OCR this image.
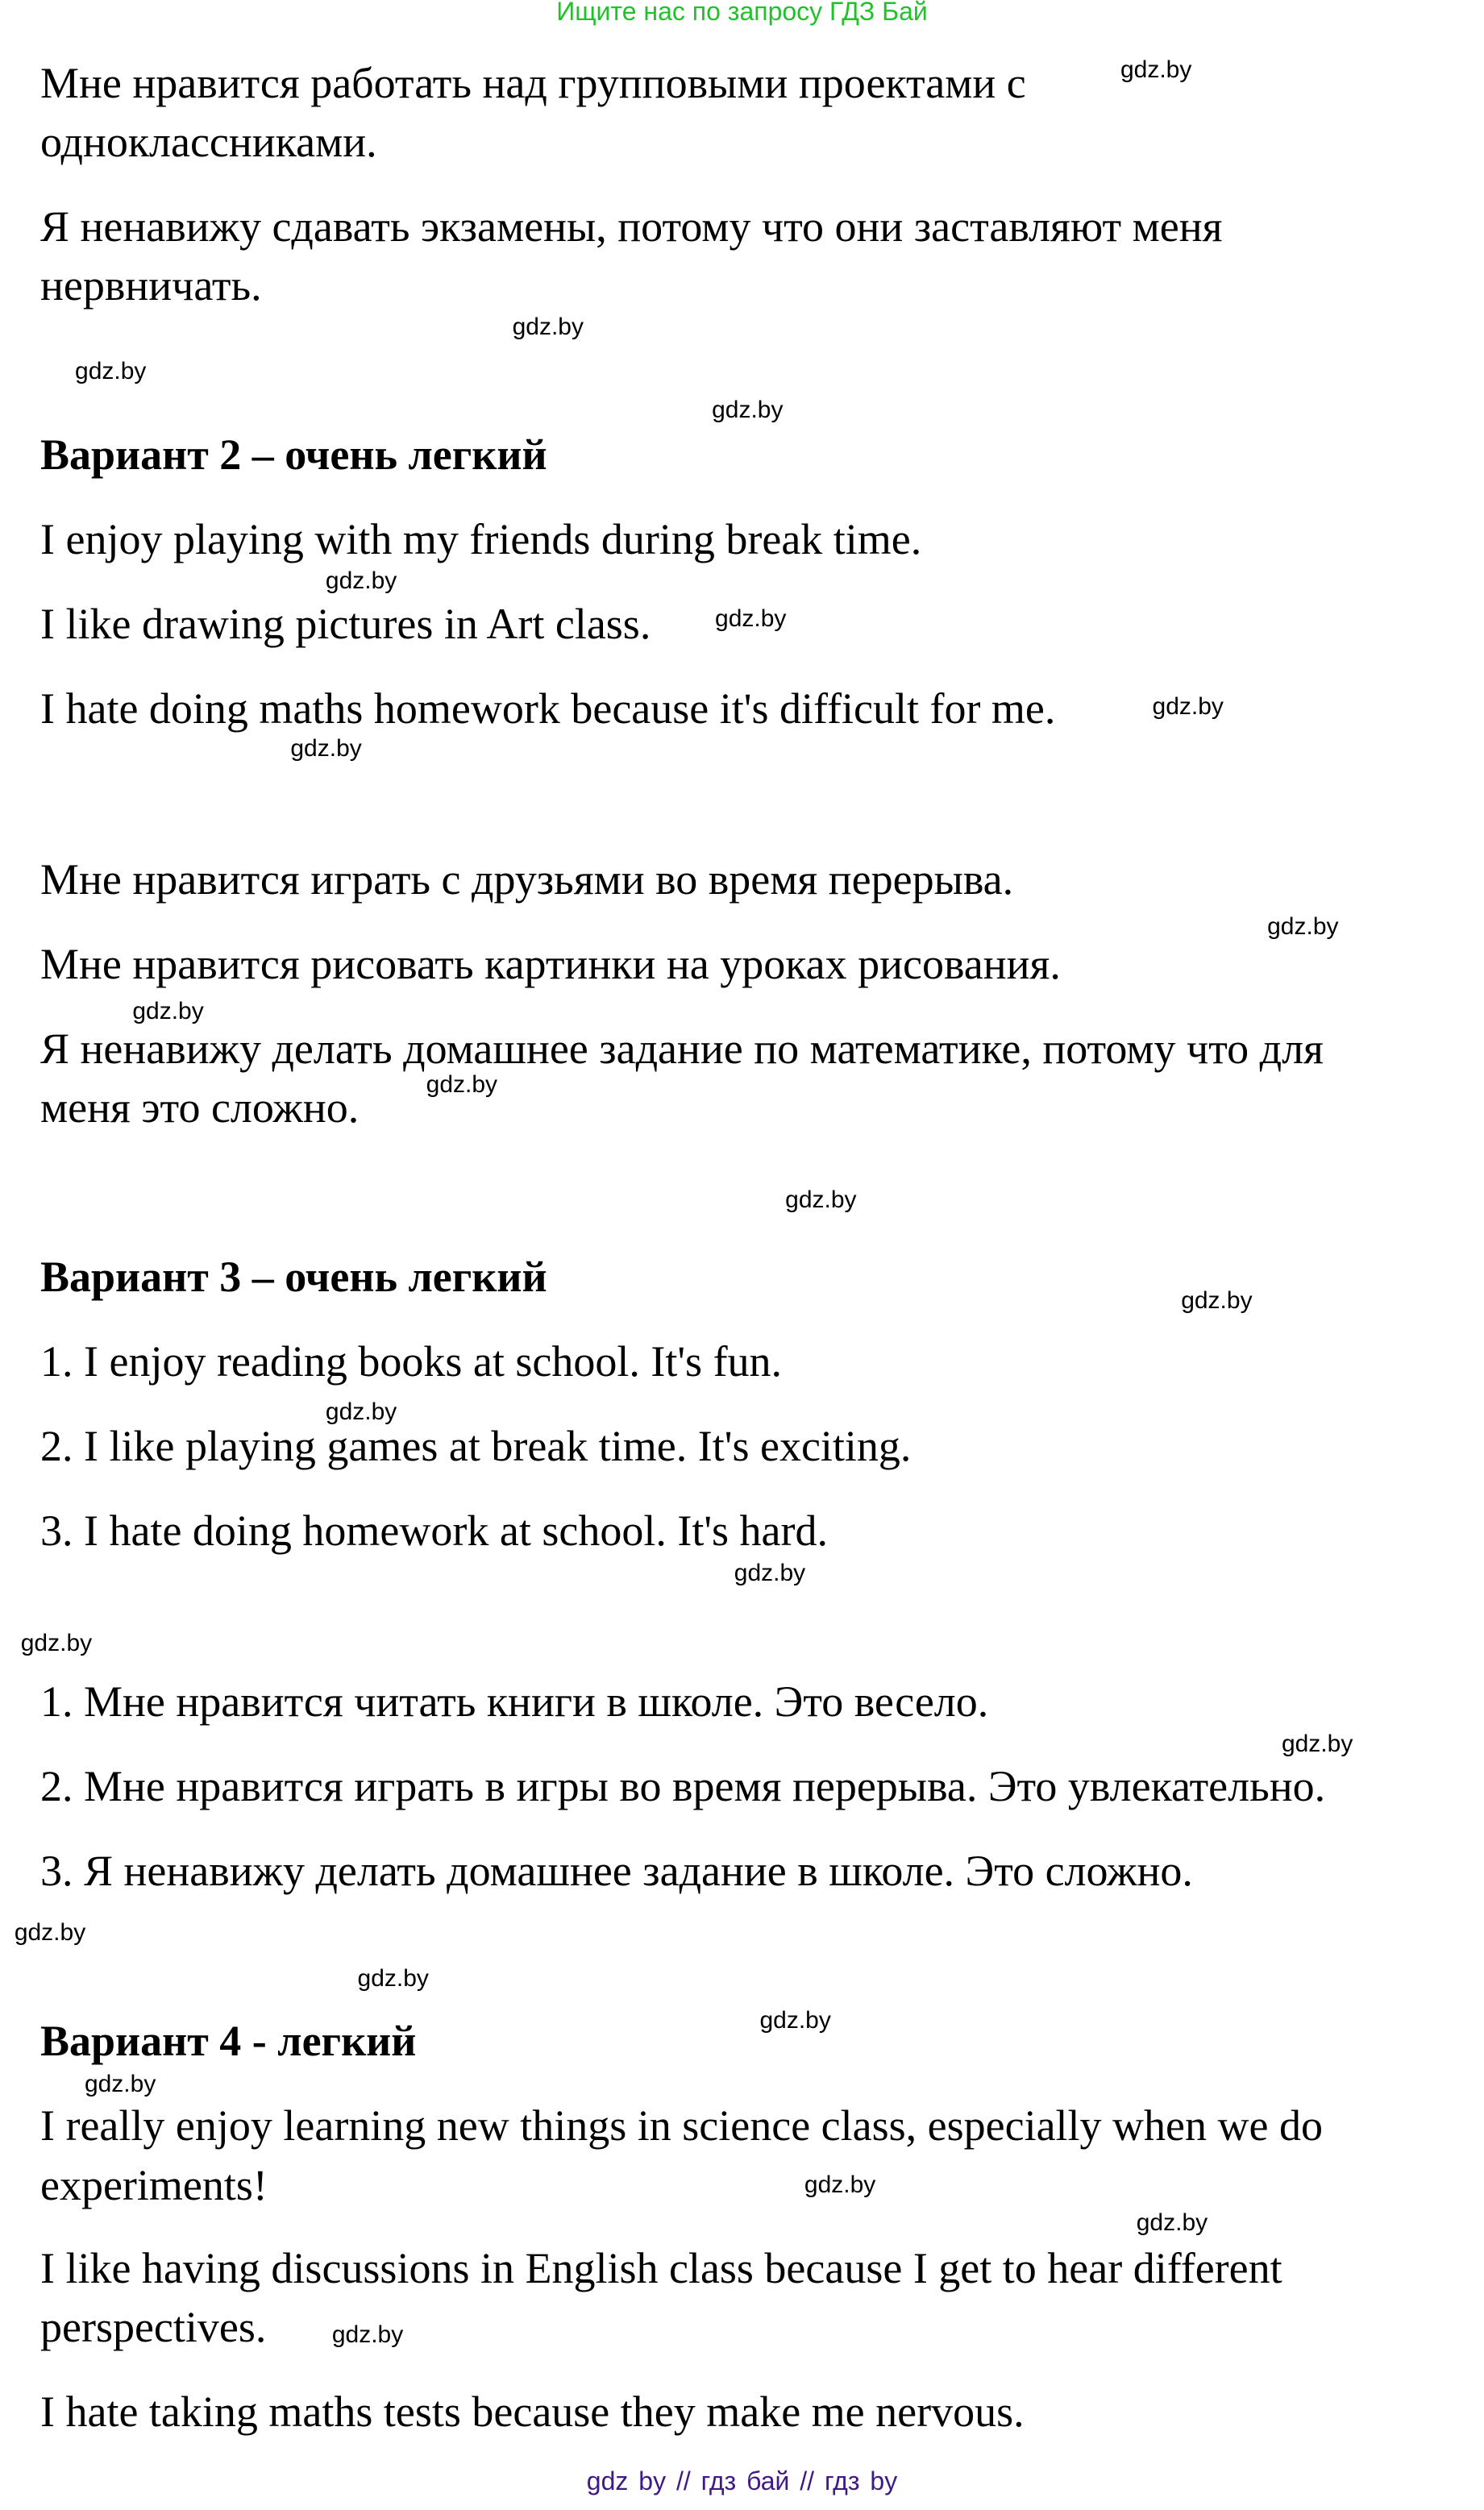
Ищите нас по запросу ГДЗ Бай
Мне нравится работать над групповыми проектами с
одноклассниками.
Я ненавижу сдавать экзамены, потому что они заставляют меня
нервничать.
Вариант 2 – очень легкий
I enjoy playing with my friends during break time.
I like drawing pictures in Art class.
I hate doing maths homework because it's difficult for me.
Мне нравится играть с друзьями во время перерыва.
Мне нравится рисовать картинки на уроках рисования.
Я ненавижу делать домашнее задание по математике, потому что для
меня это сложно.
Вариант 3 – очень легкий
1. I enjoy reading books at school. It's fun.
2. I like playing games at break time. It's exciting.
3. I hate doing homework at school. It's hard.
1. Мне нравится читать книги в школе. Это весело.
2. Мне нравится играть в игры во время перерыва. Это увлекательно.
3. Я ненавижу делать домашнее задание в школе. Это сложно.
Вариант 4 - легкий
I really enjoy learning new things in science class, especially when we do
experiments!
I like having discussions in English class because I get to hear different
perspectives.
I hate taking maths tests because they make me nervous.
gdz.by
gdz.by
gdz.by
gdz.by
gdz.by
gdz.by
gdz.by
gdz.by
gdz.by
gdz.by
gdz.by
gdz.by
gdz.by
gdz.by
gdz.by
gdz.by
gdz.by
gdz.by
gdz.by
gdz.by
gdz.by
gdz.by
gdz.by
gdz.by
gdz by // гдз бай // гдз by
